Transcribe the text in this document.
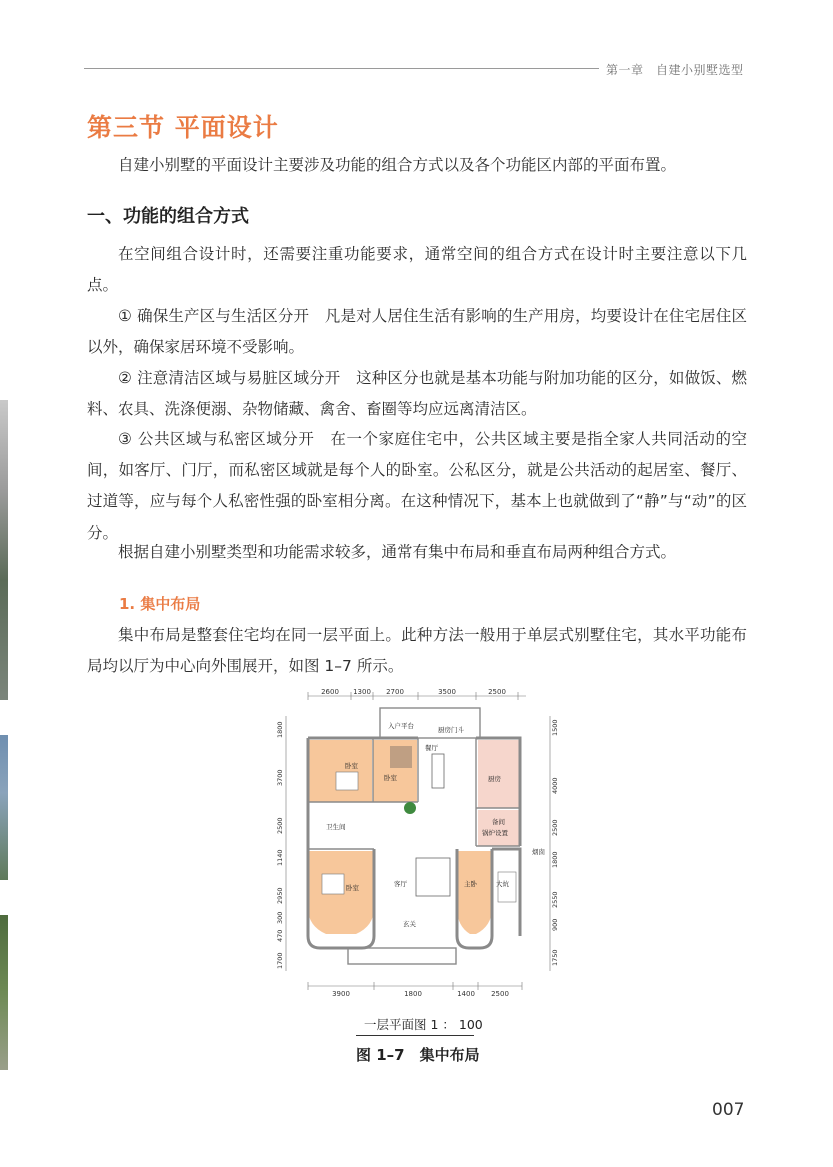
第一章　自建小别墅选型
第三节 平面设计

自建小别墅的平面设计主要涉及功能的组合方式以及各个功能区内部的平面布置。

一、功能的组合方式

在空间组合设计时，还需要注重功能要求，通常空间的组合方式在设计时主要注意以下几点。

① 确保生产区与生活区分开　凡是对人居住生活有影响的生产用房，均要设计在住宅居住区以外，确保家居环境不受影响。

② 注意清洁区域与易脏区域分开　这种区分也就是基本功能与附加功能的区分，如做饭、燃料、农具、洗涤便溺、杂物储藏、禽舍、畜圈等均应远离清洁区。

③ 公共区域与私密区域分开　在一个家庭住宅中，公共区域主要是指全家人共同活动的空间，如客厅、门厅，而私密区域就是每个人的卧室。公私区分，就是公共活动的起居室、餐厅、过道等，应与每个人私密性强的卧室相分离。在这种情况下，基本上也就做到了“静”与“动”的区分。

根据自建小别墅类型和功能需求较多，通常有集中布局和垂直布局两种组合方式。

1. 集中布局

集中布局是整套住宅均在同一层平面上。此种方法一般用于单层式别墅住宅，其水平功能布局均以厅为中心向外围展开，如图 1–7 所示。

2600 1300 2700	3500	2500
3900	1800	1400 2500
1800
3700
2500
1140
2950
300
470
1700
1500
4000
2500
1800
2550
900
1750
入户平台	厨房门斗
餐厅
卧室
卧室	厨房
卫生间
备间
锅炉设置
烟囱
卧室	客厅	主卧	大炕
玄关
一层平面图 1 ： 100
图 1–7　集中布局
007
